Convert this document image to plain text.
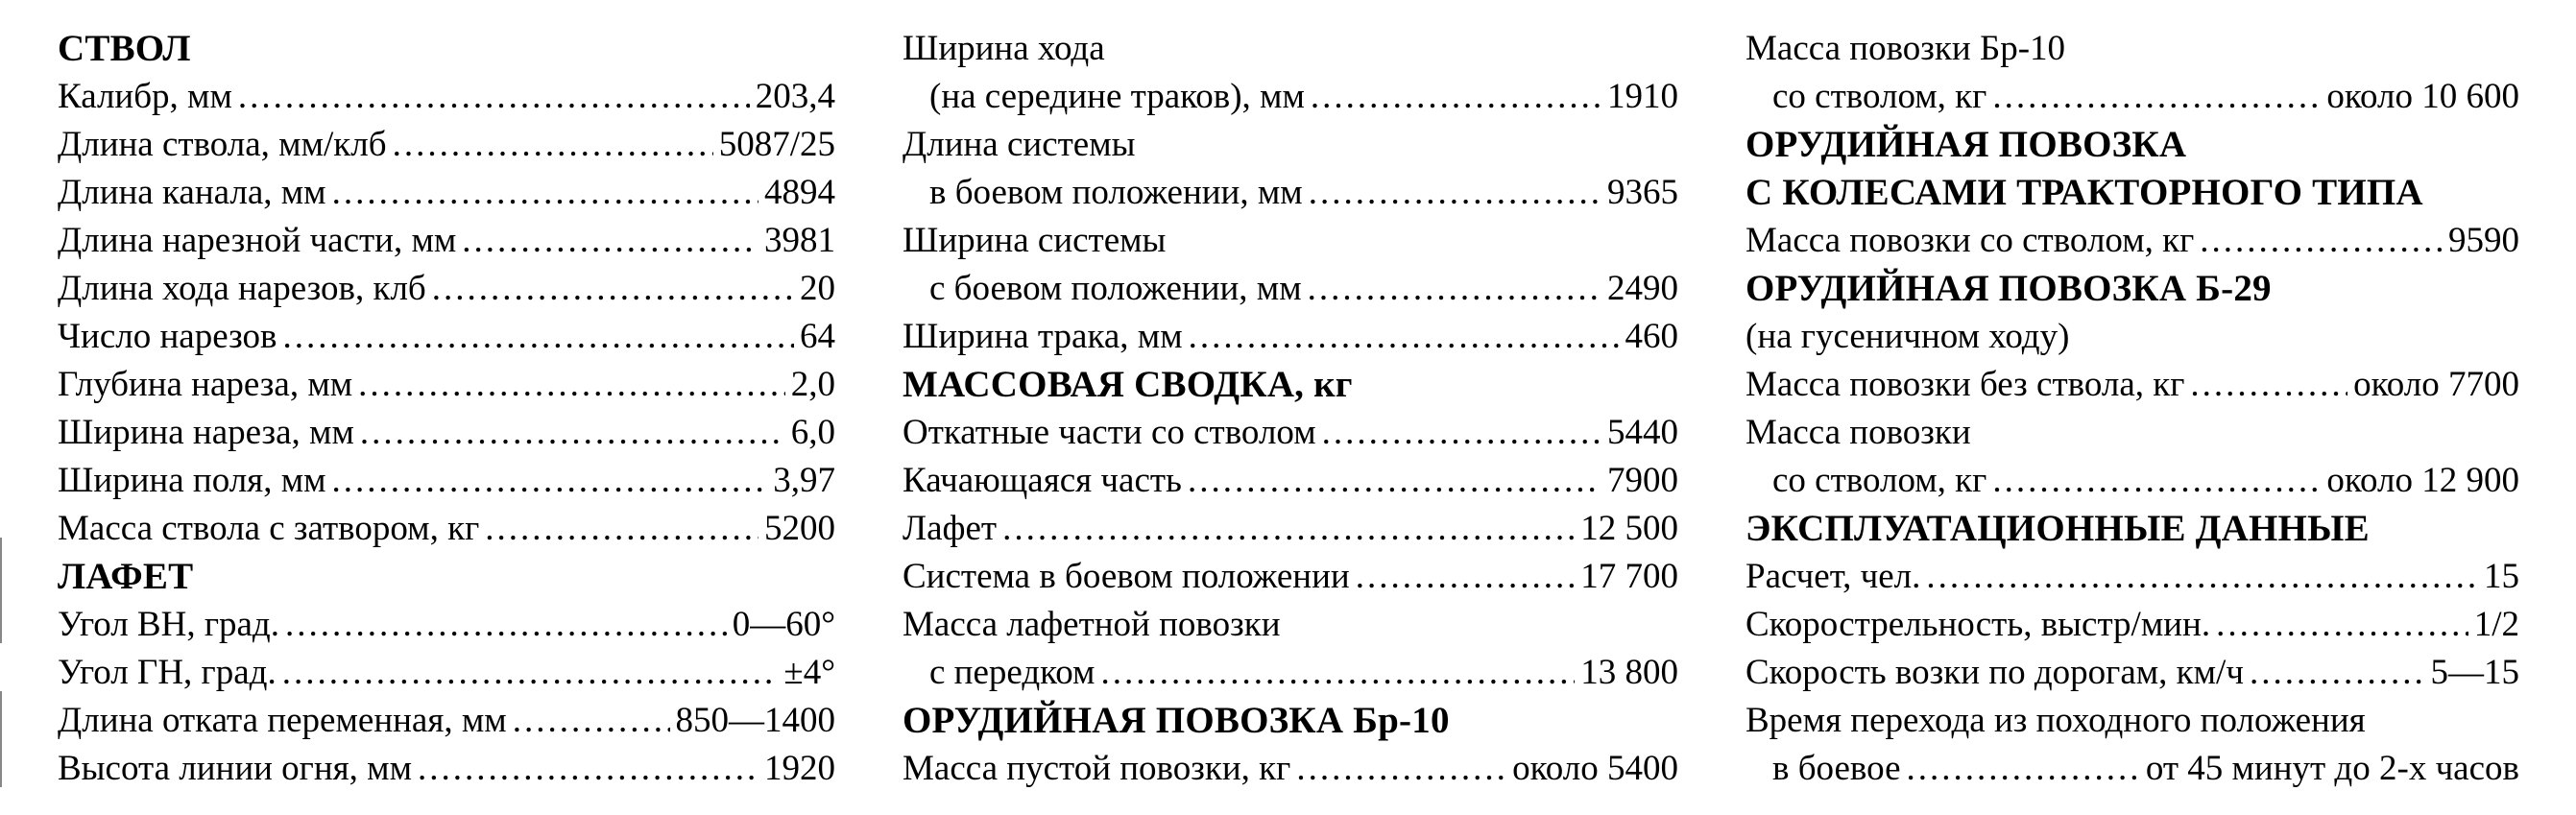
СТВОЛ
Калибр, мм .....	203,4
Длина ствола, мм/клб .....	5087/25
Длина канала, мм .....	4894
Длина нарезной части, мм .....	3981
Длина хода нарезов, клб .....	20
Число нарезов .....	64
Глубина нареза, мм .....	2,0
Ширина нареза, мм .....	6,0
Ширина поля, мм .....	3,97
Масса ствола с затвором, кг .....	5200
ЛАФЕТ
Угол ВН, град. .....	0—60°
Угол ГН, град. .....	±4°
Длина отката переменная, мм .....	850—1400
Высота линии огня, мм .....	1920
Ширина хода
(на середине траков), мм .....	1910
Длина системы
в боевом положении, мм .....	9365
Ширина системы
с боевом положении, мм .....	2490
Ширина трака, мм .....	460
МАССОВАЯ СВОДКА, кг
Откатные части со стволом .....	5440
Качающаяся часть .....	7900
Лафет .....	12 500
Система в боевом положении .....	17 700
Масса лафетной повозки
с передком .....	13 800
ОРУДИЙНАЯ ПОВОЗКА Бр-10
Масса пустой повозки, кг .....	около 5400
Масса повозки Бр-10
со стволом, кг .....	около 10 600
ОРУДИЙНАЯ ПОВОЗКА
С КОЛЕСАМИ ТРАКТОРНОГО ТИПА
Масса повозки со стволом, кг .....	9590
ОРУДИЙНАЯ ПОВОЗКА Б-29
(на гусеничном ходу)
Масса повозки без ствола, кг .....	около 7700
Масса повозки
со стволом, кг .....	около 12 900
ЭКСПЛУАТАЦИОННЫЕ ДАННЫЕ
Расчет, чел. .....	15
Скорострельность, выстр/мин. .....	1/2
Скорость возки по дорогам, км/ч .....	5—15
Время перехода из походного положения
в боевое .....	от 45 минут до 2-х часов
